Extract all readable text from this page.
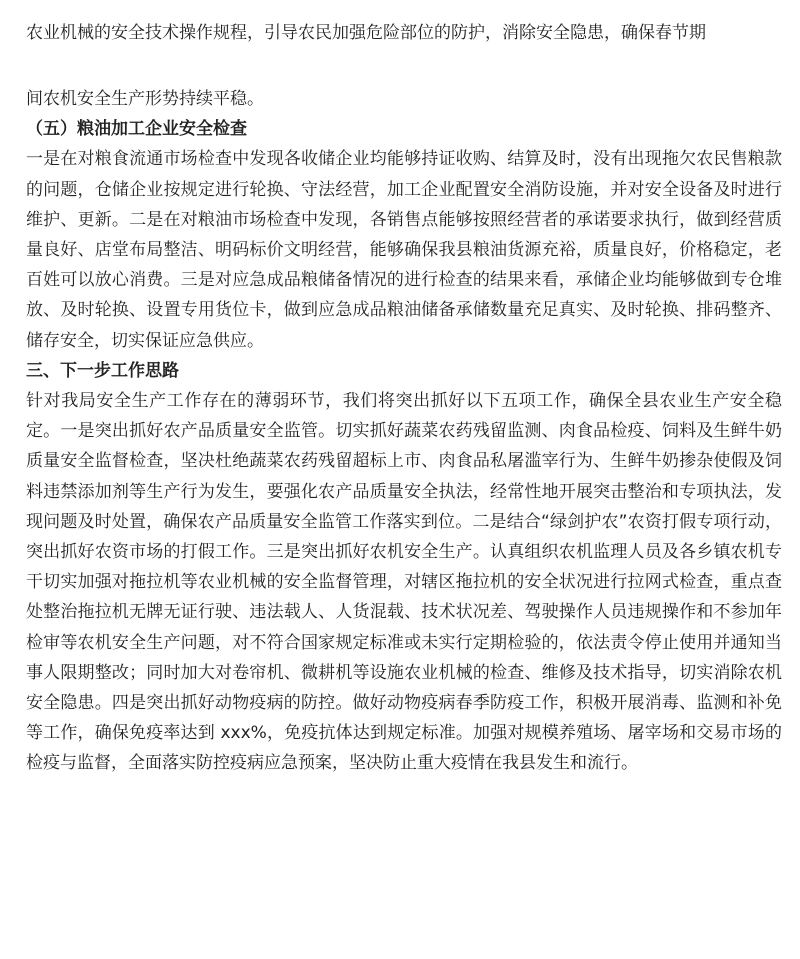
农业机械的安全技术操作规程，引导农民加强危险部位的防护，消除安全隐患，确保春节期

间农机安全生产形势持续平稳。

（五）粮油加工企业安全检查

一是在对粮食流通市场检查中发现各收储企业均能够持证收购、结算及时，没有出现拖欠农民售粮款的问题，仓储企业按规定进行轮换、守法经营，加工企业配置安全消防设施，并对安全设备及时进行维护、更新。二是在对粮油市场检查中发现，各销售点能够按照经营者的承诺要求执行，做到经营质量良好、店堂布局整洁、明码标价文明经营，能够确保我县粮油货源充裕，质量良好，价格稳定，老百姓可以放心消费。三是对应急成品粮储备情况的进行检查的结果来看，承储企业均能够做到专仓堆放、及时轮换、设置专用货位卡，做到应急成品粮油储备承储数量充足真实、及时轮换、排码整齐、储存安全，切实保证应急供应。

三、下一步工作思路

针对我局安全生产工作存在的薄弱环节，我们将突出抓好以下五项工作，确保全县农业生产安全稳定。一是突出抓好农产品质量安全监管。切实抓好蔬菜农药残留监测、肉食品检疫、饲料及生鲜牛奶质量安全监督检查，坚决杜绝蔬菜农药残留超标上市、肉食品私屠滥宰行为、生鲜牛奶掺杂使假及饲料违禁添加剂等生产行为发生，要强化农产品质量安全执法，经常性地开展突击整治和专项执法，发现问题及时处置，确保农产品质量安全监管工作落实到位。二是结合“绿剑护农”农资打假专项行动，突出抓好农资市场的打假工作。三是突出抓好农机安全生产。认真组织农机监理人员及各乡镇农机专干切实加强对拖拉机等农业机械的安全监督管理，对辖区拖拉机的安全状况进行拉网式检查，重点查处整治拖拉机无牌无证行驶、违法载人、人货混载、技术状况差、驾驶操作人员违规操作和不参加年检审等农机安全生产问题，对不符合国家规定标准或未实行定期检验的，依法责令停止使用并通知当事人限期整改；同时加大对卷帘机、微耕机等设施农业机械的检查、维修及技术指导，切实消除农机安全隐患。四是突出抓好动物疫病的防控。做好动物疫病春季防疫工作，积极开展消毒、监测和补免等工作，确保免疫率达到 xxx%，免疫抗体达到规定标准。加强对规模养殖场、屠宰场和交易市场的检疫与监督，全面落实防控疫病应急预案，坚决防止重大疫情在我县发生和流行。
